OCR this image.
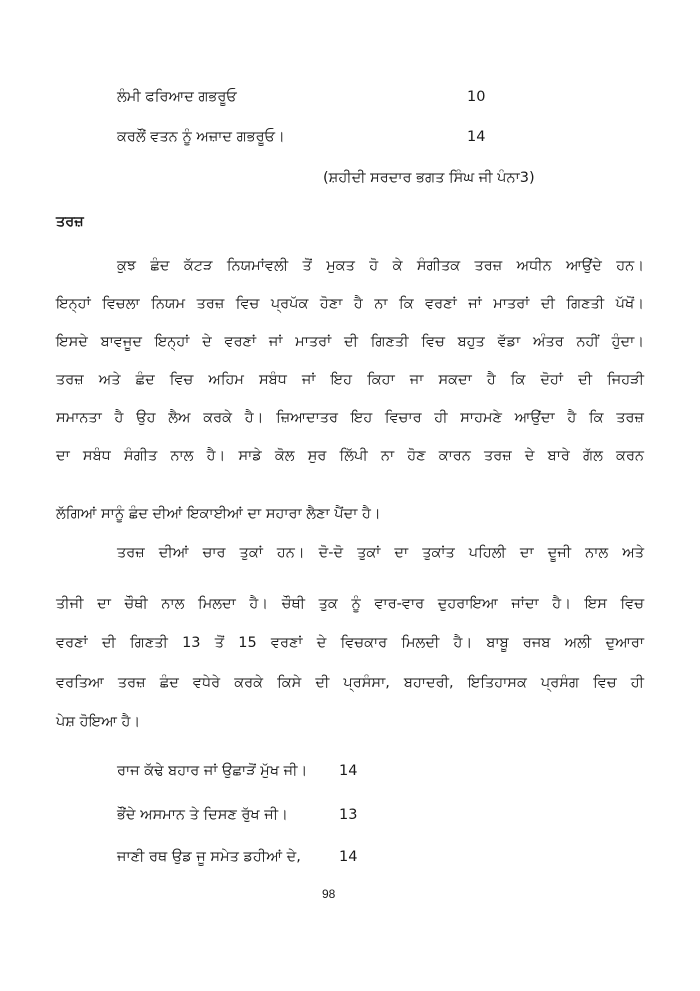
ਲੰਮੀ ਫਰਿਆਦ ਗਭਰੂਓ	10
ਕਰਲੌਂ ਵਤਨ ਨੂੰ ਅਜ਼ਾਦ ਗਭਰੂਓ।	14
(ਸ਼ਹੀਦੀ ਸਰਦਾਰ ਭਗਤ ਸਿੰਘ ਜੀ ਪੰਨਾ3)
ਤਰਜ਼
ਕੁਝ ਛੰਦ ਕੱਟੜ ਨਿਯਮਾਂਵਲੀ ਤੋਂ ਮੁਕਤ ਹੋ ਕੇ ਸੰਗੀਤਕ ਤਰਜ਼ ਅਧੀਨ ਆਉਂਦੇ ਹਨ।
ਇਨ੍ਹਾਂ ਵਿਚਲਾ ਨਿਯਮ ਤਰਜ਼ ਵਿਚ ਪ੍ਰਪੱਕ ਹੋਣਾ ਹੈ ਨਾ ਕਿ ਵਰਣਾਂ ਜਾਂ ਮਾਤਰਾਂ ਦੀ ਗਿਣਤੀ ਪੱਖੋਂ।
ਇਸਦੇ ਬਾਵਜੂਦ ਇਨ੍ਹਾਂ ਦੇ ਵਰਣਾਂ ਜਾਂ ਮਾਤਰਾਂ ਦੀ ਗਿਣਤੀ ਵਿਚ ਬਹੁਤ ਵੱਡਾ ਅੰਤਰ ਨਹੀਂ ਹੁੰਦਾ।
ਤਰਜ਼ ਅਤੇ ਛੰਦ ਵਿਚ ਅਹਿਮ ਸਬੰਧ ਜਾਂ ਇਹ ਕਿਹਾ ਜਾ ਸਕਦਾ ਹੈ ਕਿ ਦੋਹਾਂ ਦੀ ਜਿਹੜੀ
ਸਮਾਨਤਾ ਹੈ ਉਹ ਲੈਅ ਕਰਕੇ ਹੈ। ਜ਼ਿਆਦਾਤਰ ਇਹ ਵਿਚਾਰ ਹੀ ਸਾਹਮਣੇ ਆਉਂਦਾ ਹੈ ਕਿ ਤਰਜ਼
ਦਾ ਸਬੰਧ ਸੰਗੀਤ ਨਾਲ ਹੈ। ਸਾਡੇ ਕੋਲ ਸੁਰ ਲਿੱਪੀ ਨਾ ਹੋਣ ਕਾਰਨ ਤਰਜ਼ ਦੇ ਬਾਰੇ ਗੱਲ ਕਰਨ
ਲੱਗਿਆਂ ਸਾਨੂੰ ਛੰਦ ਦੀਆਂ ਇਕਾਈਆਂ ਦਾ ਸਹਾਰਾ ਲੈਣਾ ਪੈਂਦਾ ਹੈ।
ਤਰਜ਼ ਦੀਆਂ ਚਾਰ ਤੁਕਾਂ ਹਨ। ਦੋ-ਦੋ ਤੁਕਾਂ ਦਾ ਤੁਕਾਂਤ ਪਹਿਲੀ ਦਾ ਦੂਜੀ ਨਾਲ ਅਤੇ
ਤੀਜੀ ਦਾ ਚੌਥੀ ਨਾਲ ਮਿਲਦਾ ਹੈ। ਚੌਥੀ ਤੁਕ ਨੂੰ ਵਾਰ-ਵਾਰ ਦੁਹਰਾਇਆ ਜਾਂਦਾ ਹੈ। ਇਸ ਵਿਚ
ਵਰਣਾਂ ਦੀ ਗਿਣਤੀ 13 ਤੋਂ 15 ਵਰਣਾਂ ਦੇ ਵਿਚਕਾਰ ਮਿਲਦੀ ਹੈ। ਬਾਬੂ ਰਜਬ ਅਲੀ ਦੁਆਰਾ
ਵਰਤਿਆ ਤਰਜ਼ ਛੰਦ ਵਧੇਰੇ ਕਰਕੇ ਕਿਸੇ ਦੀ ਪ੍ਰਸੰਸਾ, ਬਹਾਦਰੀ, ਇਤਿਹਾਸਕ ਪ੍ਰਸੰਗ ਵਿਚ ਹੀ
ਪੇਸ਼ ਹੋਇਆ ਹੈ।
ਰਾਜ ਕੱਢੇ ਬਹਾਰ ਜਾਂ ਉਛਾੜੋਂ ਮੁੱਖ ਜੀ। 14
ਭੌਂਦੇ ਅਸਮਾਨ ਤੇ ਦਿਸਣ ਰੁੱਖ ਜੀ।	13
ਜਾਣੀ ਰਥ ਉਡ ਜੂ ਸਮੇਤ ਡਹੀਆਂ ਦੇ,	14
98
